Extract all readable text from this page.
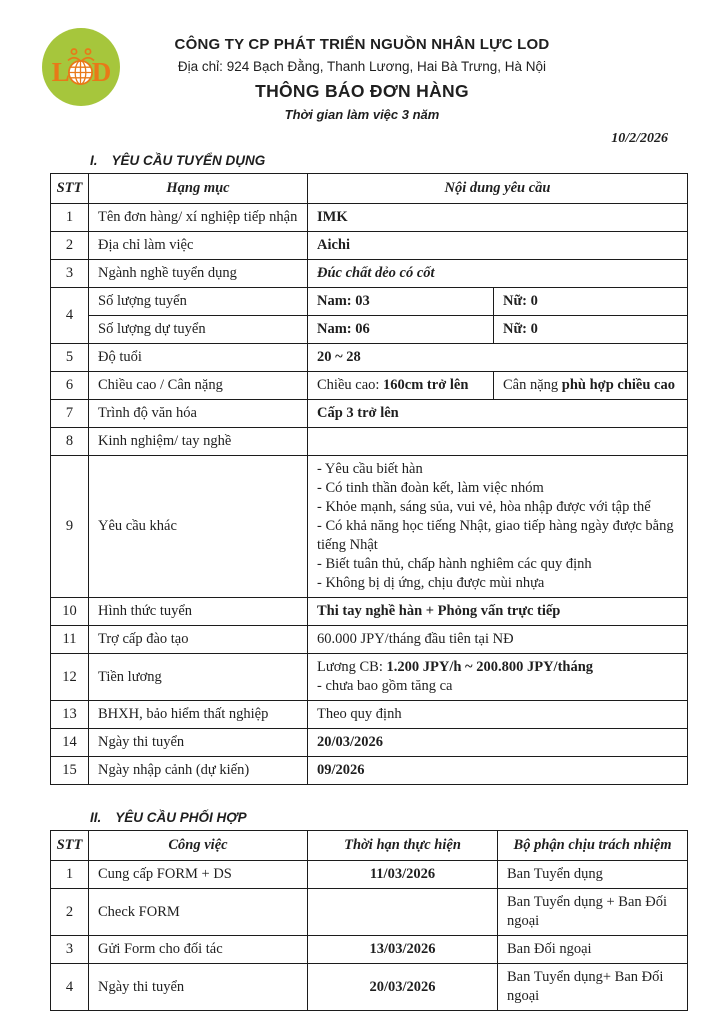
L D
CÔNG TY CP PHÁT TRIỂN NGUỒN NHÂN LỰC LOD
Địa chỉ: 924 Bạch Đằng, Thanh Lương, Hai Bà Trưng, Hà Nội
THÔNG BÁO ĐƠN HÀNG
Thời gian làm việc 3 năm
10/2/2026
I. YÊU CẦU TUYỂN DỤNG
STT	Hạng mục	Nội dung yêu cầu	

1	Tên đơn hàng/ xí nghiệp tiếp nhận	IMK	

2	Địa chỉ làm việc	Aichi	

3	Ngành nghề tuyển dụng	Đúc chất dẻo có cốt	

4	Số lượng tuyển	Nam: 03	Nữ: 0

	Số lượng dự tuyển	Nam: 06	Nữ: 0

5	Độ tuổi	20 ~ 28	

6	Chiều cao / Cân nặng	Chiều cao: 160cm trở lên	Cân nặng phù hợp chiều cao

7	Trình độ văn hóa	Cấp 3 trở lên	

8	Kinh nghiệm/ tay nghề		

9	Yêu cầu khác

- Yêu cầu biết hàn
- Có tinh thần đoàn kết, làm việc nhóm
- Khỏe mạnh, sáng sủa, vui vẻ, hòa nhập được với tập thể
- Có khả năng học tiếng Nhật, giao tiếp hàng ngày được bằng tiếng Nhật
- Biết tuân thủ, chấp hành nghiêm các quy định
- Không bị dị ứng, chịu được mùi nhựa

10	Hình thức tuyển	Thi tay nghề hàn + Phỏng vấn trực tiếp	

11	Trợ cấp đào tạo	60.000 JPY/tháng đầu tiên tại NĐ	

12	Tiền lương	Lương CB: 1.200 JPY/h ~ 200.800 JPY/tháng
- chưa bao gồm tăng ca	

13	BHXH, bảo hiểm thất nghiệp	Theo quy định	

14	Ngày thi tuyển	20/03/2026	

15	Ngày nhập cảnh (dự kiến)	09/2026	
II. YÊU CẦU PHỐI HỢP
STT	Công việc	Thời hạn thực hiện	Bộ phận chịu trách nhiệm

1	Cung cấp FORM + DS	11/03/2026	Ban Tuyển dụng

2	Check FORM		Ban Tuyển dụng + Ban Đối ngoại

3	Gửi Form cho đối tác	13/03/2026	Ban Đối ngoại

4	Ngày thi tuyển	20/03/2026	Ban Tuyển dụng+ Ban Đối ngoại
